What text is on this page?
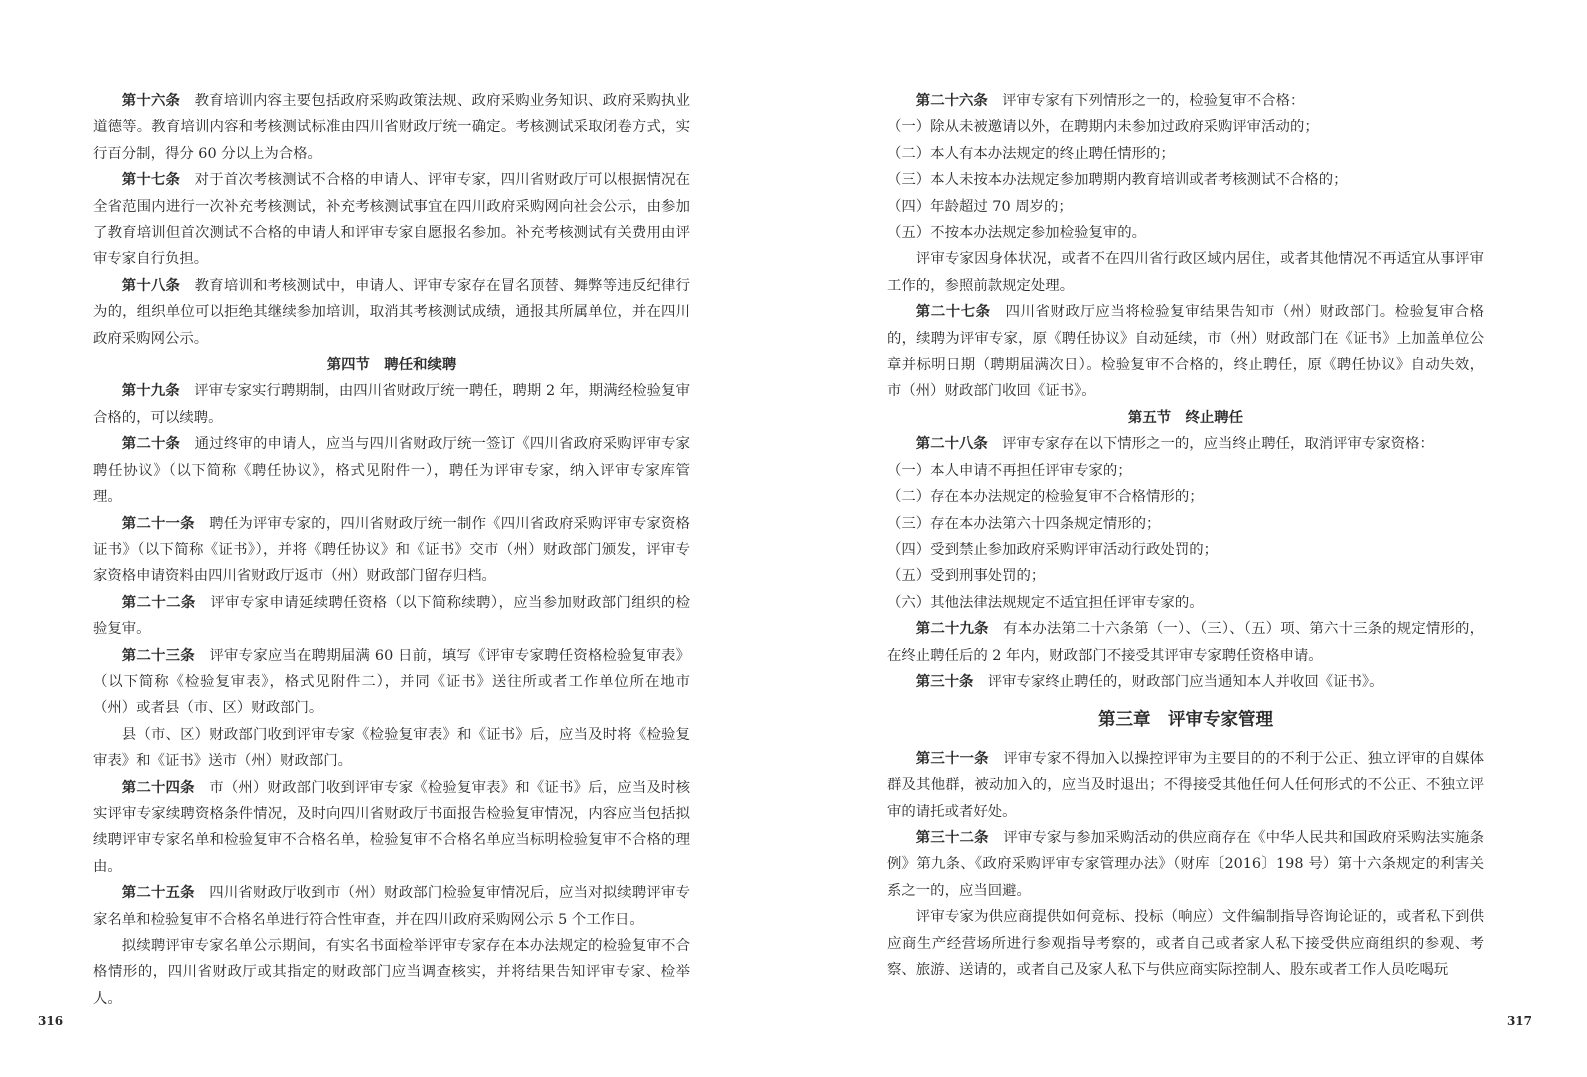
第十六条　教育培训内容主要包括政府采购政策法规、政府采购业务知识、政府采购执业道德等。教育培训内容和考核测试标准由四川省财政厅统一确定。考核测试采取闭卷方式，实行百分制，得分 60 分以上为合格。

第十七条　对于首次考核测试不合格的申请人、评审专家，四川省财政厅可以根据情况在全省范围内进行一次补充考核测试，补充考核测试事宜在四川政府采购网向社会公示，由参加了教育培训但首次测试不合格的申请人和评审专家自愿报名参加。补充考核测试有关费用由评审专家自行负担。

第十八条　教育培训和考核测试中，申请人、评审专家存在冒名顶替、舞弊等违反纪律行为的，组织单位可以拒绝其继续参加培训，取消其考核测试成绩，通报其所属单位，并在四川政府采购网公示。

第四节　聘任和续聘

第十九条　评审专家实行聘期制，由四川省财政厅统一聘任，聘期 2 年，期满经检验复审合格的，可以续聘。

第二十条　通过终审的申请人，应当与四川省财政厅统一签订《四川省政府采购评审专家聘任协议》（以下简称《聘任协议》，格式见附件一），聘任为评审专家，纳入评审专家库管理。

第二十一条　聘任为评审专家的，四川省财政厅统一制作《四川省政府采购评审专家资格证书》（以下简称《证书》），并将《聘任协议》和《证书》交市（州）财政部门颁发，评审专家资格申请资料由四川省财政厅返市（州）财政部门留存归档。

第二十二条　评审专家申请延续聘任资格（以下简称续聘），应当参加财政部门组织的检验复审。

第二十三条　评审专家应当在聘期届满 60 日前，填写《评审专家聘任资格检验复审表》（以下简称《检验复审表》，格式见附件二），并同《证书》送往所或者工作单位所在地市（州）或者县（市、区）财政部门。

县（市、区）财政部门收到评审专家《检验复审表》和《证书》后，应当及时将《检验复审表》和《证书》送市（州）财政部门。

第二十四条　市（州）财政部门收到评审专家《检验复审表》和《证书》后，应当及时核实评审专家续聘资格条件情况，及时向四川省财政厅书面报告检验复审情况，内容应当包括拟续聘评审专家名单和检验复审不合格名单，检验复审不合格名单应当标明检验复审不合格的理由。

第二十五条　四川省财政厅收到市（州）财政部门检验复审情况后，应当对拟续聘评审专家名单和检验复审不合格名单进行符合性审查，并在四川政府采购网公示 5 个工作日。

拟续聘评审专家名单公示期间，有实名书面检举评审专家存在本办法规定的检验复审不合格情形的，四川省财政厅或其指定的财政部门应当调查核实，并将结果告知评审专家、检举人。

316

第二十六条　评审专家有下列情形之一的，检验复审不合格：

（一）除从未被邀请以外，在聘期内未参加过政府采购评审活动的；

（二）本人有本办法规定的终止聘任情形的；

（三）本人未按本办法规定参加聘期内教育培训或者考核测试不合格的；

（四）年龄超过 70 周岁的；

（五）不按本办法规定参加检验复审的。

评审专家因身体状况，或者不在四川省行政区域内居住，或者其他情况不再适宜从事评审工作的，参照前款规定处理。

第二十七条　四川省财政厅应当将检验复审结果告知市（州）财政部门。检验复审合格的，续聘为评审专家，原《聘任协议》自动延续，市（州）财政部门在《证书》上加盖单位公章并标明日期（聘期届满次日）。检验复审不合格的，终止聘任，原《聘任协议》自动失效，市（州）财政部门收回《证书》。

第五节　终止聘任

第二十八条　评审专家存在以下情形之一的，应当终止聘任，取消评审专家资格：

（一）本人申请不再担任评审专家的；

（二）存在本办法规定的检验复审不合格情形的；

（三）存在本办法第六十四条规定情形的；

（四）受到禁止参加政府采购评审活动行政处罚的；

（五）受到刑事处罚的；

（六）其他法律法规规定不适宜担任评审专家的。

第二十九条　有本办法第二十六条第（一）、（三）、（五）项、第六十三条的规定情形的，在终止聘任后的 2 年内，财政部门不接受其评审专家聘任资格申请。

第三十条　评审专家终止聘任的，财政部门应当通知本人并收回《证书》。

第三章　评审专家管理

第三十一条　评审专家不得加入以操控评审为主要目的的不利于公正、独立评审的自媒体群及其他群，被动加入的，应当及时退出；不得接受其他任何人任何形式的不公正、不独立评审的请托或者好处。

第三十二条　评审专家与参加采购活动的供应商存在《中华人民共和国政府采购法实施条例》第九条、《政府采购评审专家管理办法》（财库〔2016〕198 号）第十六条规定的利害关系之一的，应当回避。

评审专家为供应商提供如何竞标、投标（响应）文件编制指导咨询论证的，或者私下到供应商生产经营场所进行参观指导考察的，或者自己或者家人私下接受供应商组织的参观、考察、旅游、送请的，或者自己及家人私下与供应商实际控制人、股东或者工作人员吃喝玩

317
